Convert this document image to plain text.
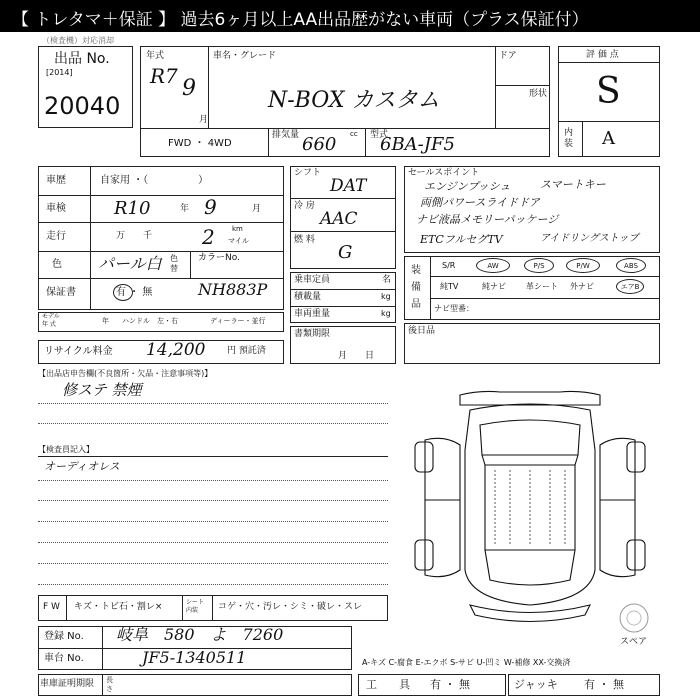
【 トレタマ＋保証 】 過去6ヶ月以上AA出品歴がない車両（プラス保証付）
（検査機）対応消却
出品 No.
[2014]
20040
年式
R7 9
月
車名・グレード
N-BOX カスタム
ドア
形状
FWD ・ 4WD
排気量 660 cc 型式
6BA-JF5
評 価 点
S
内 装 A
車歴	自家用 ・（　　　　　）
車検	R10	年 9	月
走行	万　　千 2 km
マイル
色 パール白 色 替
カラーNo.
保証書	有 ・ 無	NH883P
モデル 年 式	年 ハンドル　左・右	ディーラー・並行
リサイクル料金 14,200 円 預託済
シフト
DAT
冷 房
AAC
燃 料
G
乗車定員	名
積載量	kg
車両重量	kg
書類期限
月　　日
セールスポイント
エンジンプッシュ	スマートキー
両側パワースライドドア
ナビ液晶メモリーパッケージ
ETCフルセグTV	アイドリングストップ
装 備 品
S/R	AW	P/S	P/W	ABS
純TV	純ナビ	革シート 外ナビ	エアB
ナビ型番：
後日品
【出品店申告欄(不良箇所・欠品・注意事項等)】
修ステ 禁煙
【検査員記入】
オーディオレス
スペア
F W キズ・トビ石・割レ×	シート 内装	コゲ・穴・汚レ・シミ・破レ・スレ
登録 No. 岐阜　580　よ　7260
車台 No.	JF5-1340511
車庫証明期限 長 さ
A-キズ C-腐食 E-エクボ S-サビ U-凹ミ W-補修 XX-交換済
工　　具 有 ・ 無	ジャッキ 有 ・ 無
